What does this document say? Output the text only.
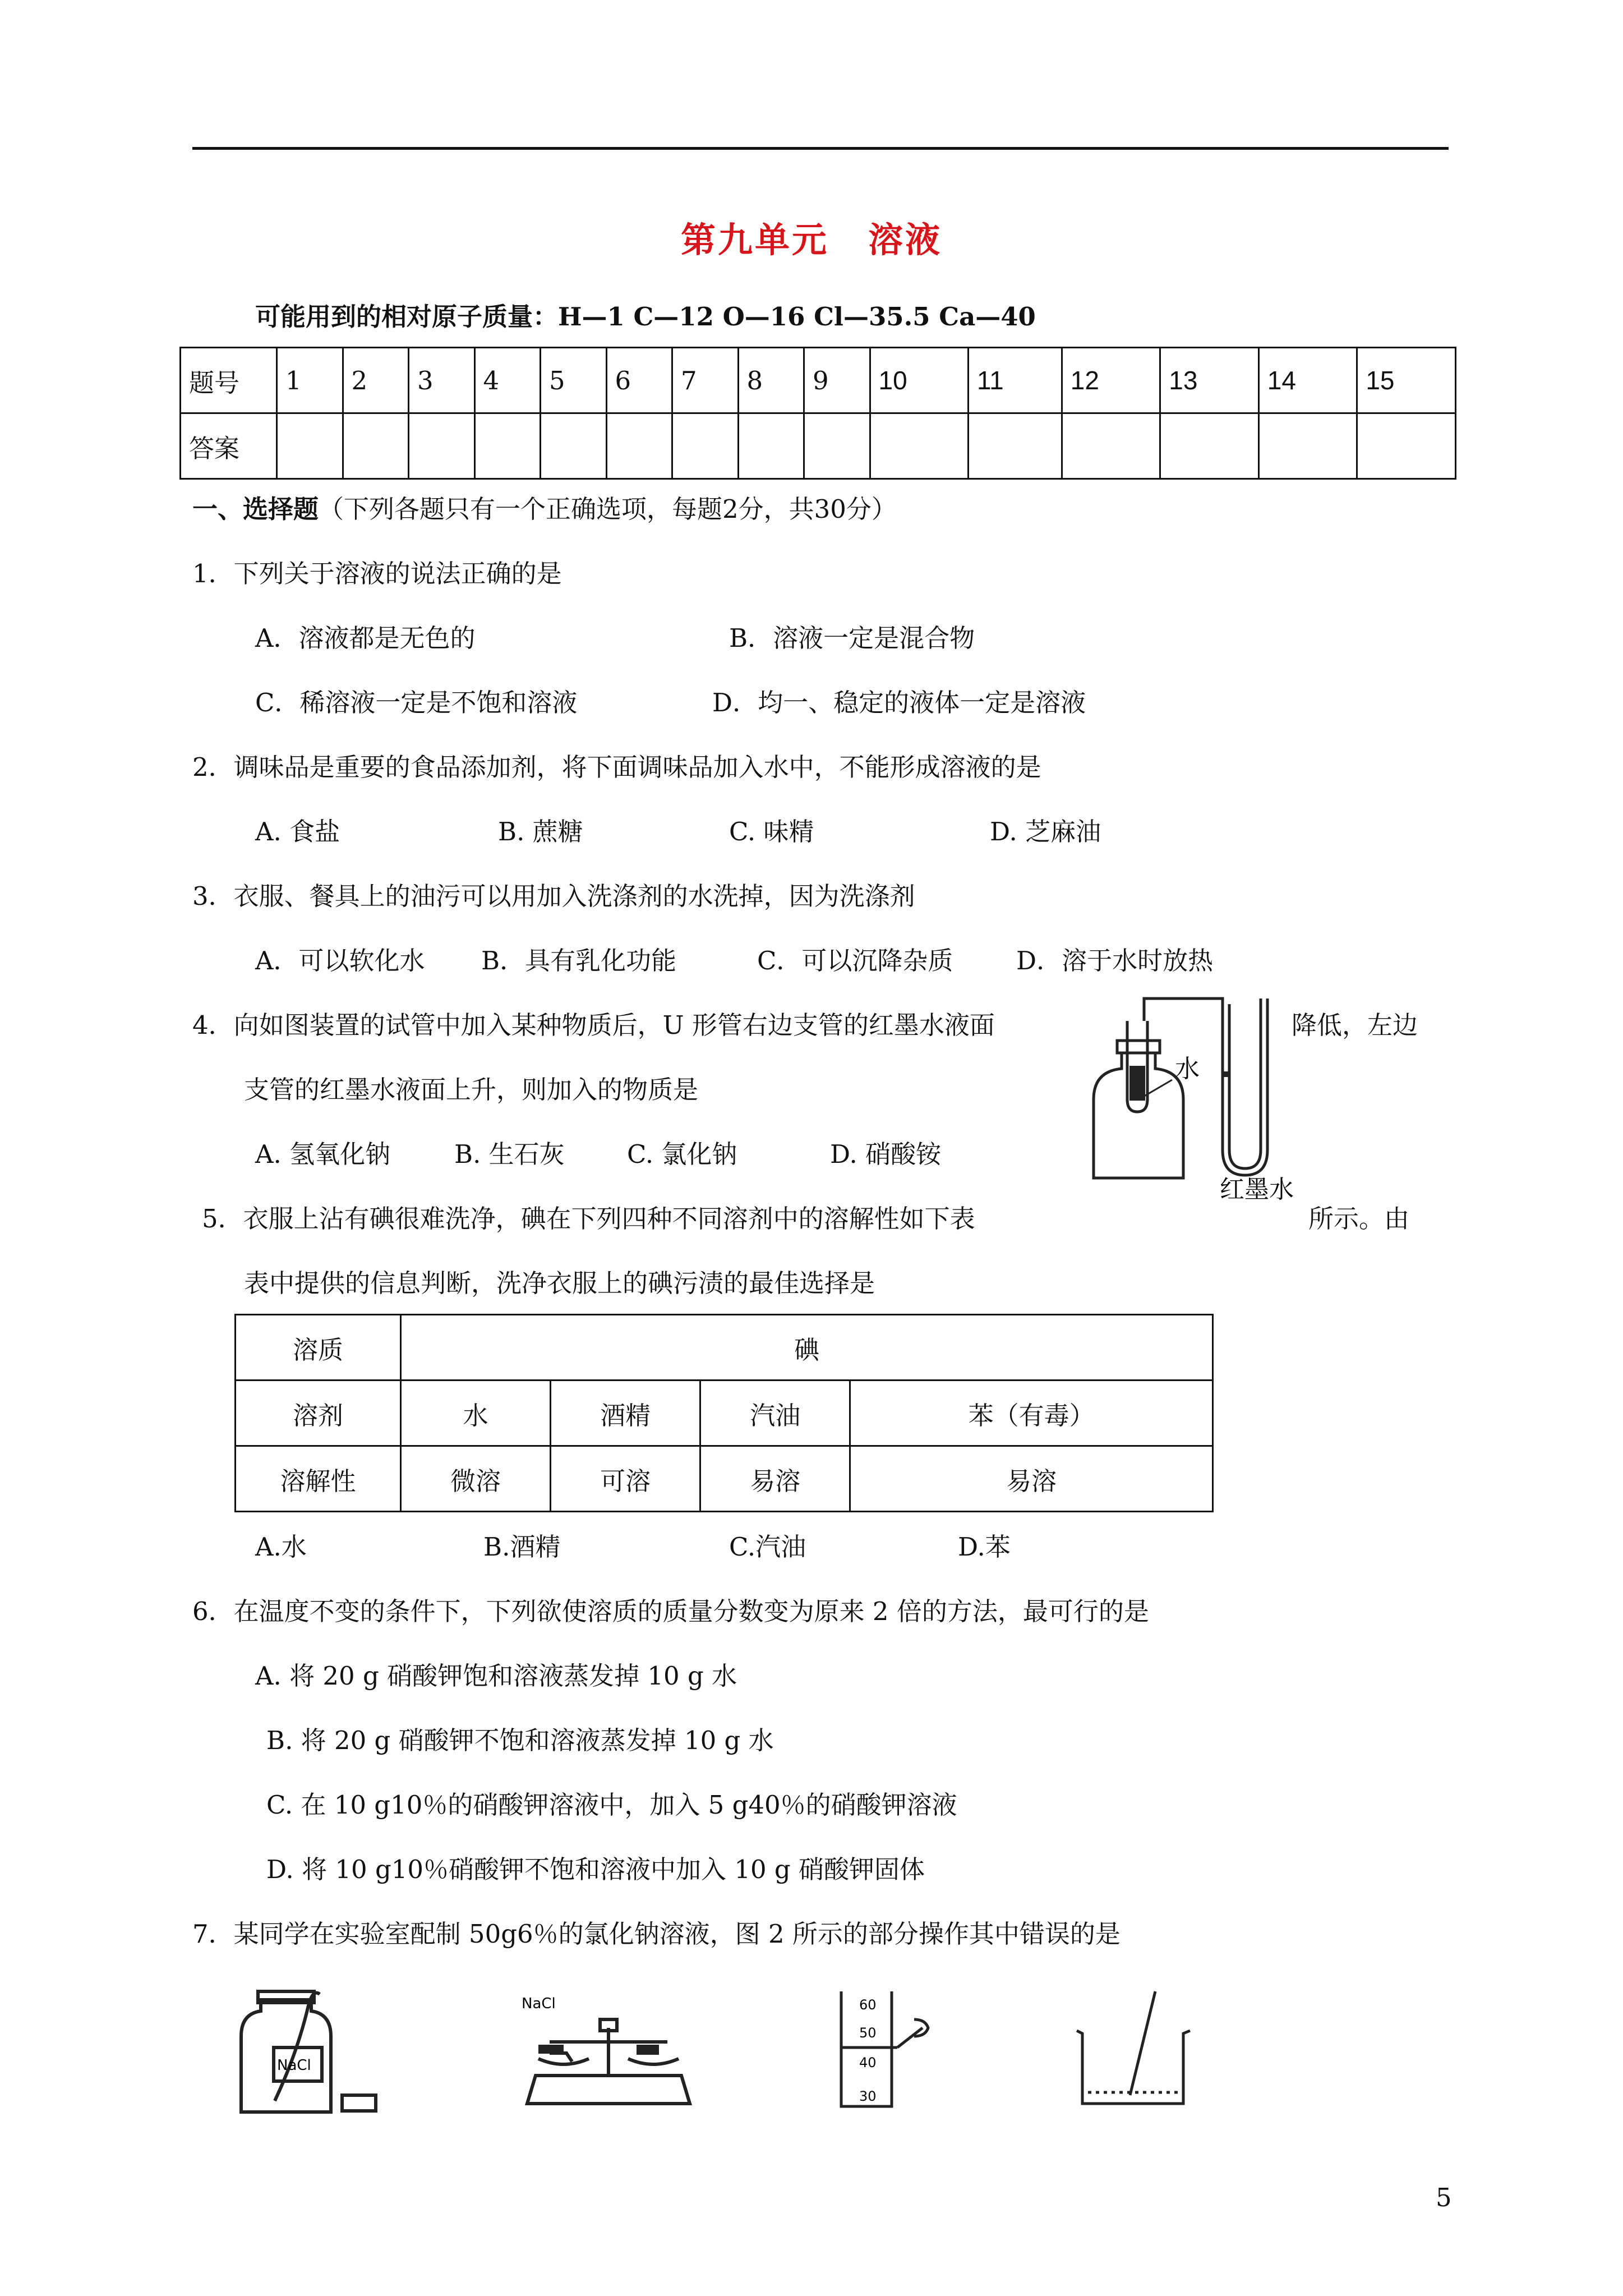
第九单元 溶液
可能用到的相对原子质量：H—1 C—12 O—16 Cl—35.5 Ca—40
题号	1	2	3	4	5	6	7	8	9	10	11	12	13	14	15
答案															
一、选择题（下列各题只有一个正确选项，每题2分，共30分）
1．下列关于溶液的说法正确的是
A．溶液都是无色的	B．溶液一定是混合物
C．稀溶液一定是不饱和溶液	D．均一、稳定的液体一定是溶液
2．调味品是重要的食品添加剂，将下面调味品加入水中，不能形成溶液的是
A. 食盐	B. 蔗糖	C. 味精	D. 芝麻油
3．衣服、餐具上的油污可以用加入洗涤剂的水洗掉，因为洗涤剂
A．可以软化水 B．具有乳化功能	C．可以沉降杂质	D．溶于水时放热
4．向如图装置的试管中加入某种物质后，U 形管右边支管的红墨水液面	降低，左边
支管的红墨水液面上升，则加入的物质是
A. 氢氧化钠	B. 生石灰 C. 氯化钠	D. 硝酸铵
水
红墨水
5．衣服上沾有碘很难洗净，碘在下列四种不同溶剂中的溶解性如下表	所示。由
表中提供的信息判断，洗净衣服上的碘污渍的最佳选择是
溶质	碘			
溶剂	水	酒精	汽油	苯（有毒）
溶解性	微溶	可溶	易溶	易溶
A.水	B.酒精	C.汽油	D.苯
6．在温度不变的条件下，下列欲使溶质的质量分数变为原来 2 倍的方法，最可行的是
A. 将 20 g 硝酸钾饱和溶液蒸发掉 10 g 水
B. 将 20 g 硝酸钾不饱和溶液蒸发掉 10 g 水
C. 在 10 g10％的硝酸钾溶液中，加入 5 g40％的硝酸钾溶液
D. 将 10 g10％硝酸钾不饱和溶液中加入 10 g 硝酸钾固体
7．某同学在实验室配制 50g6％的氯化钠溶液，图 2 所示的部分操作其中错误的是
NaCl
NaCl	60
50
40
30
5
